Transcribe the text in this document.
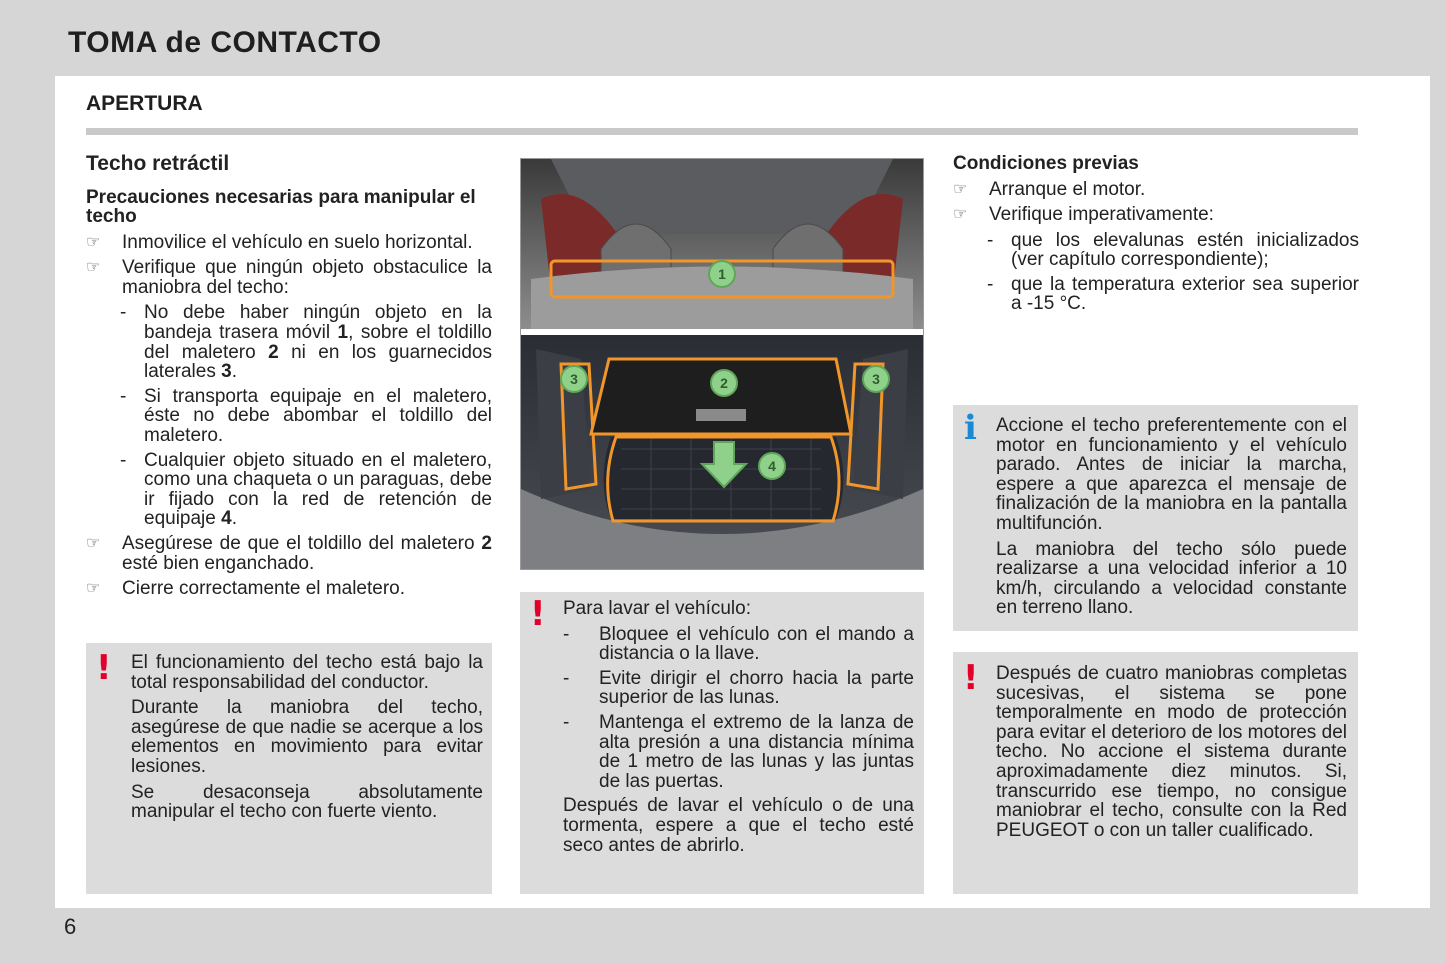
TOMA de CONTACTO
APERTURA
Techo retráctil
Precauciones necesarias para manipular el techo
☞ Inmovilice el vehículo en suelo horizontal.
☞ Verifique que ningún objeto obstaculice la maniobra del techo:
- No debe haber ningún objeto en la bandeja trasera móvil 1, sobre el toldillo del maletero 2 ni en los guarnecidos laterales 3.
- Si transporta equipaje en el maletero, éste no debe abombar el toldillo del maletero.
- Cualquier objeto situado en el maletero, como una chaqueta o un paraguas, debe ir fijado con la red de retención de equipaje 4.
☞ Asegúrese de que el toldillo del maletero 2 esté bien enganchado.
☞ Cierre correctamente el maletero.
! El funcionamiento del techo está bajo la total responsabilidad del conductor.

Durante la maniobra del techo, asegúrese de que nadie se acerque a los elementos en movimiento para evitar lesiones.

Se desaconseja absolutamente manipular el techo con fuerte viento.

1
2
3	3
4
! Para lavar el vehículo:

- Bloquee el vehículo con el mando a distancia o la llave.
- Evite dirigir el chorro hacia la parte superior de las lunas.
- Mantenga el extremo de la lanza de alta presión a una distancia mínima de 1 metro de las lunas y las juntas de las puertas.

Después de lavar el vehículo o de una tormenta, espere a que el techo esté seco antes de abrirlo.

Condiciones previas
☞ Arranque el motor.
☞ Verifique imperativamente:
- que los elevalunas estén inicializados (ver capítulo correspondiente);
- que la temperatura exterior sea superior a -15 °C.
i Accione el techo preferentemente con el motor en funcionamiento y el vehículo parado. Antes de iniciar la marcha, espere a que aparezca el mensaje de finalización de la maniobra en la pantalla multifunción.

La maniobra del techo sólo puede realizarse a una velocidad inferior a 10 km/h, circulando a velocidad constante en terreno llano.

! Después de cuatro maniobras completas sucesivas, el sistema se pone temporalmente en modo de protección para evitar el deterioro de los motores del techo. No accione el sistema durante aproximadamente diez minutos. Si, transcurrido ese tiempo, no consigue maniobrar el techo, consulte con la Red PEUGEOT o con un taller cualificado.

6
